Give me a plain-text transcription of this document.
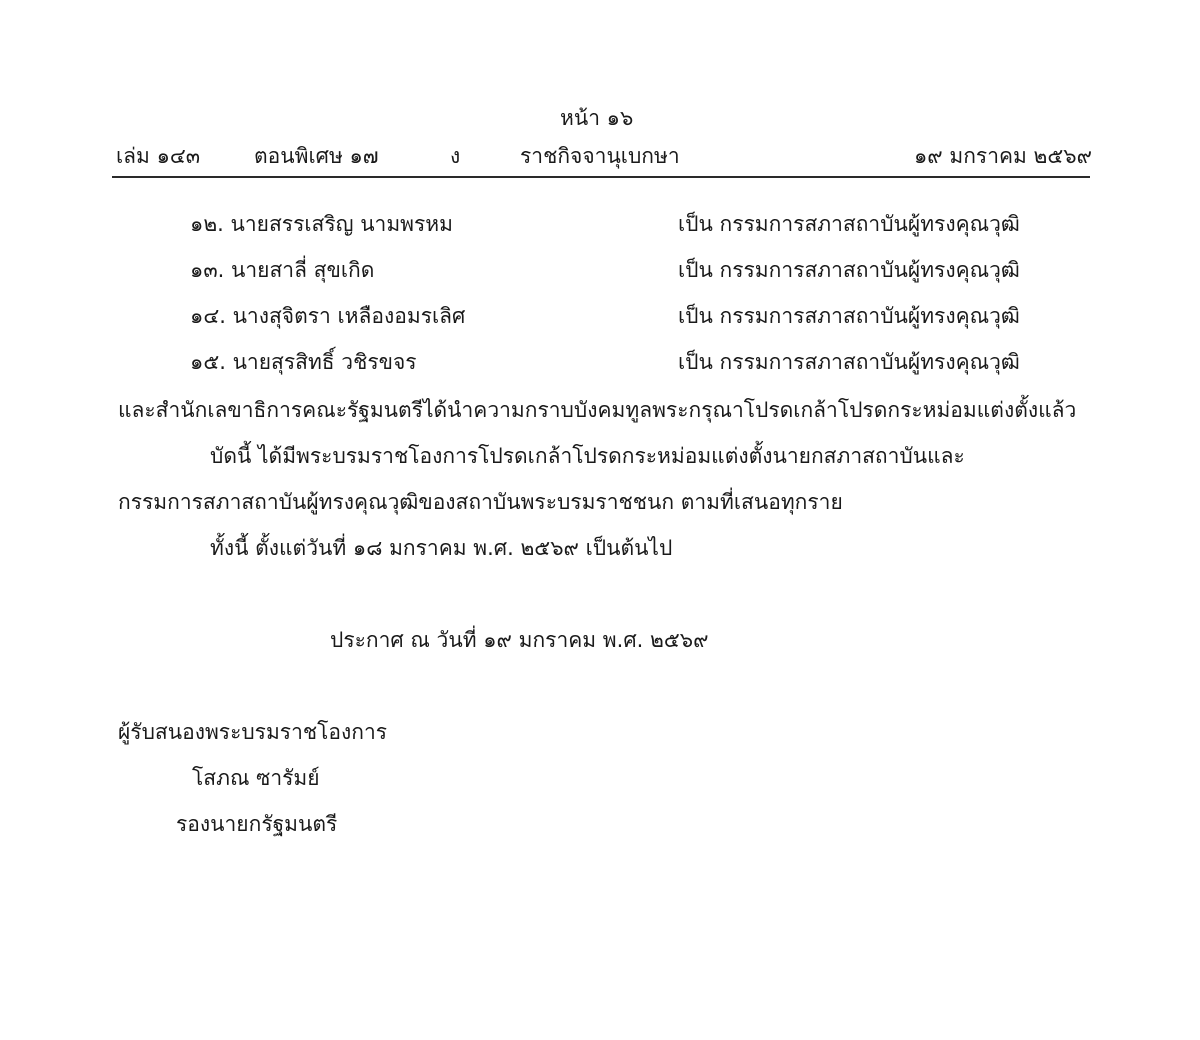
หน้า ๑๖
เล่ม ๑๔๓	ตอนพิเศษ ๑๗	ง	ราชกิจจานุเบกษา	๑๙ มกราคม ๒๕๖๙
๑๒. นายสรรเสริญ นามพรหม	เป็น กรรมการสภาสถาบันผู้ทรงคุณวุฒิ
๑๓. นายสาลี่ สุขเกิด	เป็น กรรมการสภาสถาบันผู้ทรงคุณวุฒิ
๑๔. นางสุจิตรา เหลืองอมรเลิศ	เป็น กรรมการสภาสถาบันผู้ทรงคุณวุฒิ
๑๕. นายสุรสิทธิ์ วชิรขจร	เป็น กรรมการสภาสถาบันผู้ทรงคุณวุฒิ
และสำนักเลขาธิการคณะรัฐมนตรีได้นำความกราบบังคมทูลพระกรุณาโปรดเกล้าโปรดกระหม่อมแต่งตั้งแล้ว
บัดนี้ ได้มีพระบรมราชโองการโปรดเกล้าโปรดกระหม่อมแต่งตั้งนายกสภาสถาบันและ
กรรมการสภาสถาบันผู้ทรงคุณวุฒิของสถาบันพระบรมราชชนก ตามที่เสนอทุกราย
ทั้งนี้ ตั้งแต่วันที่ ๑๘ มกราคม พ.ศ. ๒๕๖๙ เป็นต้นไป
ประกาศ ณ วันที่ ๑๙ มกราคม พ.ศ. ๒๕๖๙
ผู้รับสนองพระบรมราชโองการ
โสภณ ซารัมย์
รองนายกรัฐมนตรี
